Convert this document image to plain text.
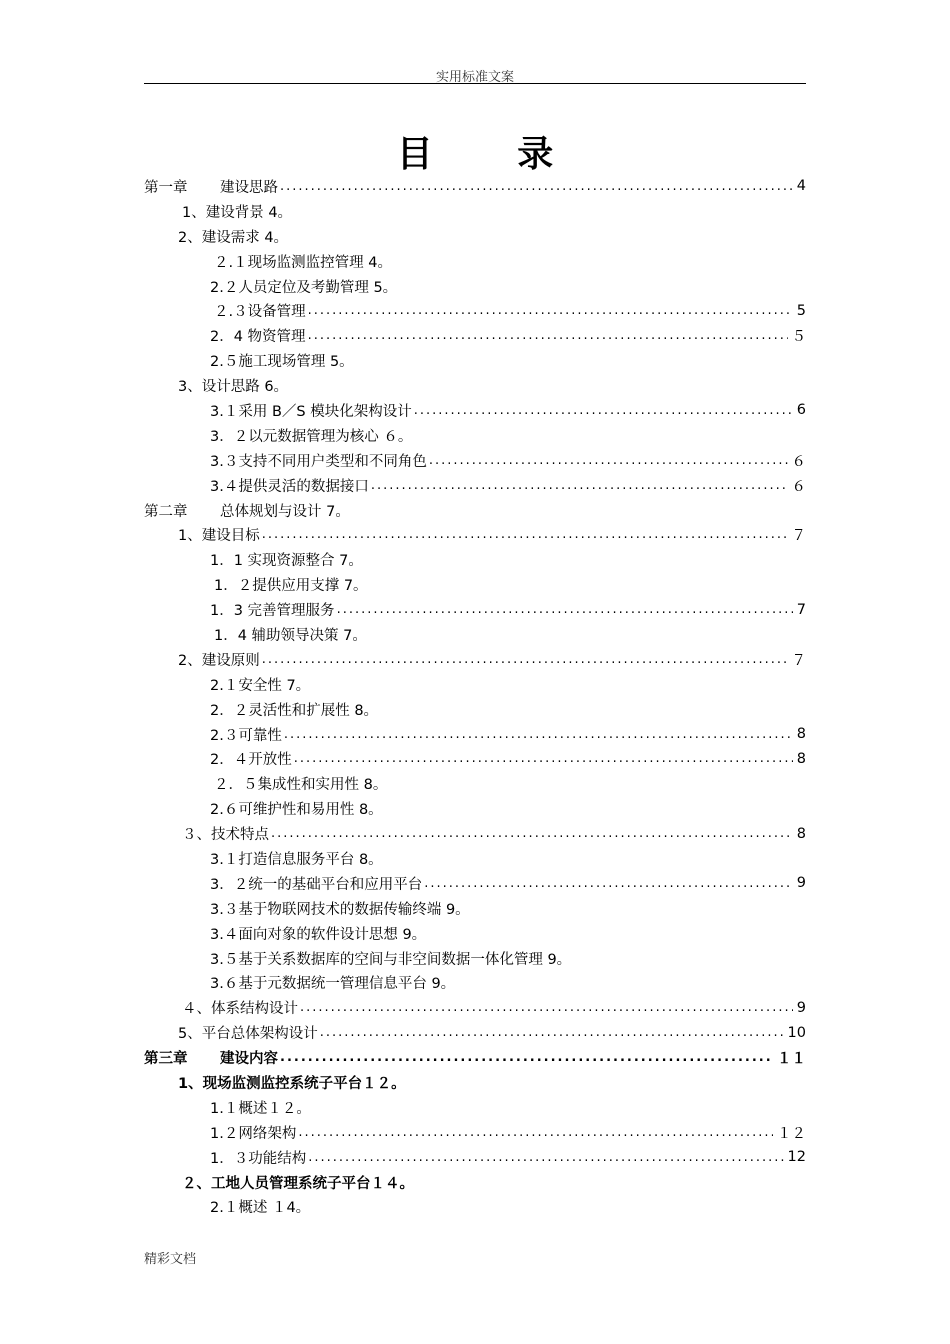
实用标准文案
目 录
第一章	建设思路 .....	4
1、建设背景 4。
2、建设需求 4。
２.１现场监测监控管理 4。
2.２人员定位及考勤管理 5。
２.３设备管理 .....	5
2．4 物资管理 .....	５
2.５施工现场管理 5。
3、设计思路 6。
3.１采用 B／S 模块化架构设计 .....	6
3．２以元数据管理为核心 ６。
3.３支持不同用户类型和不同角色 .....	６
3.４提供灵活的数据接口 .....	６
第二章	总体规划与设计 7。
1、建设目标 .....	７
1．1 实现资源整合 7。
1．２提供应用支撑 7。
1．3 完善管理服务 .....	7
1．4 辅助领导决策 7。
2、建设原则 .....	７
2.１安全性 7。
2．２灵活性和扩展性 8。
2.３可靠性 .....	8
2．４开放性 .....	8
２．５集成性和实用性 8。
2.６可维护性和易用性 8。
３、技术特点 .....	8
3.１打造信息服务平台 8。
3．２统一的基础平台和应用平台 .....	9
3.３基于物联网技术的数据传输终端 9。
3.４面向对象的软件设计思想 9。
3.５基于关系数据库的空间与非空间数据一体化管理 9。
3.６基于元数据统一管理信息平台 9。
４、体系结构设计 .....	9
5、平台总体架构设计 .....	10
第三章	建设内容 .....	１１
1、现场监测监控系统子平台１２。
1.１概述１２。
1.２网络架构 .....	１２
1．３功能结构 .....	12
２、工地人员管理系统子平台１４。
2.１概述 １4。
精彩文档
